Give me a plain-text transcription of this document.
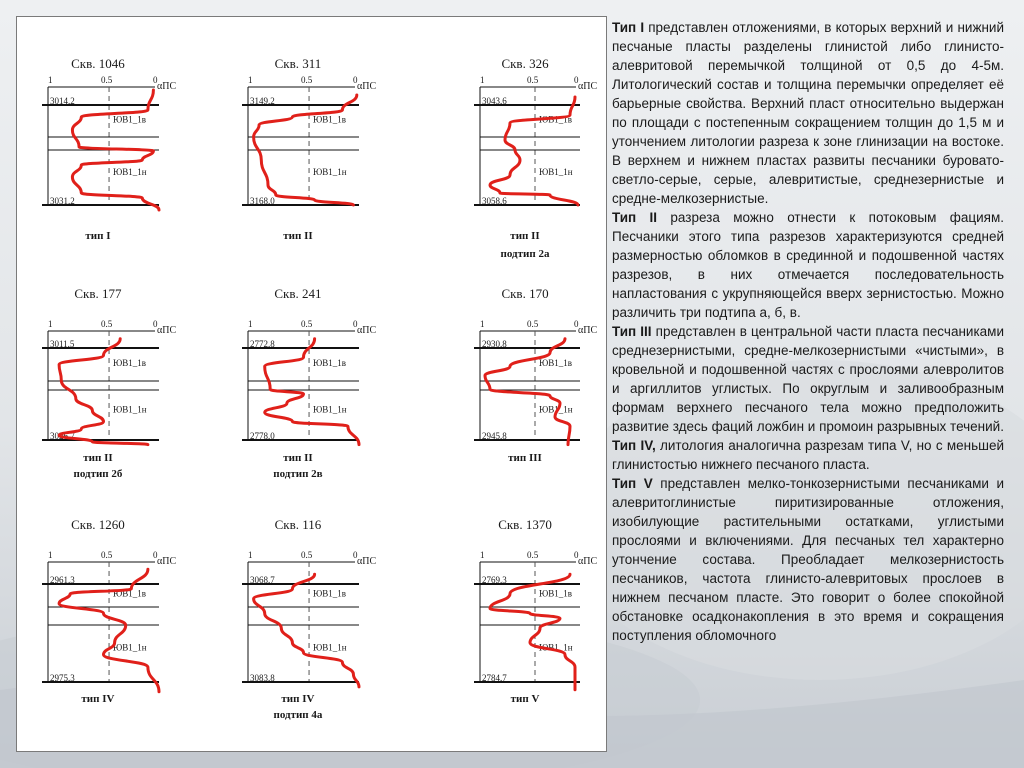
Скв. 1046
1	0.5	0
αПС
3014.2
3031.2
ЮВ1_1в
ЮВ1_1н
тип I
Скв. 311
1	0.5	0
αПС
3149.2
3168.0
ЮВ1_1в
ЮВ1_1н
тип II
Скв. 326
1	0.5	0
αПС
3043.6
3058.6
ЮВ1_1в
ЮВ1_1н
тип II
подтип 2а
Скв. 177
1	0.5	0
αПС
3011.5
3026.7
ЮВ1_1в
ЮВ1_1н
тип II
подтип 2б
Скв. 241
1	0.5	0
αПС
2772.8
2778.0
ЮВ1_1в
ЮВ1_1н
тип II
подтип 2в
Скв. 170
1	0.5	0
αПС
2930.8
2945.8
ЮВ1_1в
ЮВ1_1н
тип III
Скв. 1260
1	0.5	0
αПС
2961.3
2975.3
ЮВ1_1в
ЮВ1_1н
тип IV
Скв. 116
1	0.5	0
αПС
3068.7
3083.8
ЮВ1_1в
ЮВ1_1н
тип IV
подтип 4а
Скв. 1370
1	0.5	0
αПС
2769.3
2784.7
ЮВ1_1в
ЮВ1_1н
тип V

Тип I представлен отложениями, в которых верхний и нижний песчаные пласты разделены глинистой либо глинисто-алевритовой перемычкой толщиной от 0,5 до 4-5м. Литологический состав и толщина перемычки определяет её барьерные свойства. Верхний пласт относительно выдержан по площади с постепенным сокращением толщин до 1,5 м и утончением литологии разреза к зоне глинизации на востоке. В верхнем и нижнем пластах развиты песчаники буровато-светло-серые, серые, алевритистые, среднезернистые и средне-мелкозернистые.

Тип II разреза можно отнести к потоковым фациям. Песчаники этого типа разрезов характеризуются средней размерностью обломков в срединной и подошвенной частях разрезов, в них отмечается последовательность напластования с укрупняющейся вверх зернистостью. Можно различить три подтипа а, б, в.

Тип III представлен в центральной части пласта песчаниками среднезернистыми, средне-мелкозернистыми «чистыми», в кровельной и подошвенной частях с прослоями алевролитов и аргиллитов углистых. По округлым и заливообразным формам верхнего песчаного тела можно предположить развитие здесь фаций ложбин и промоин разрывных течений.

Тип IV, литология аналогична разрезам типа V, но с меньшей глинистостью нижнего песчаного пласта.

Тип V представлен мелко-тонкозернистыми песчаниками и алевритоглинистые пиритизированные отложения, изобилующие растительными остатками, углистыми прослоями и включениями. Для песчаных тел характерно утончение состава. Преобладает мелкозернистость песчаников, частота глинисто-алевритовых прослоев в нижнем песчаном пласте. Это говорит о более спокойной обстановке осадконакопления в это время и сокращения поступления обломочного
